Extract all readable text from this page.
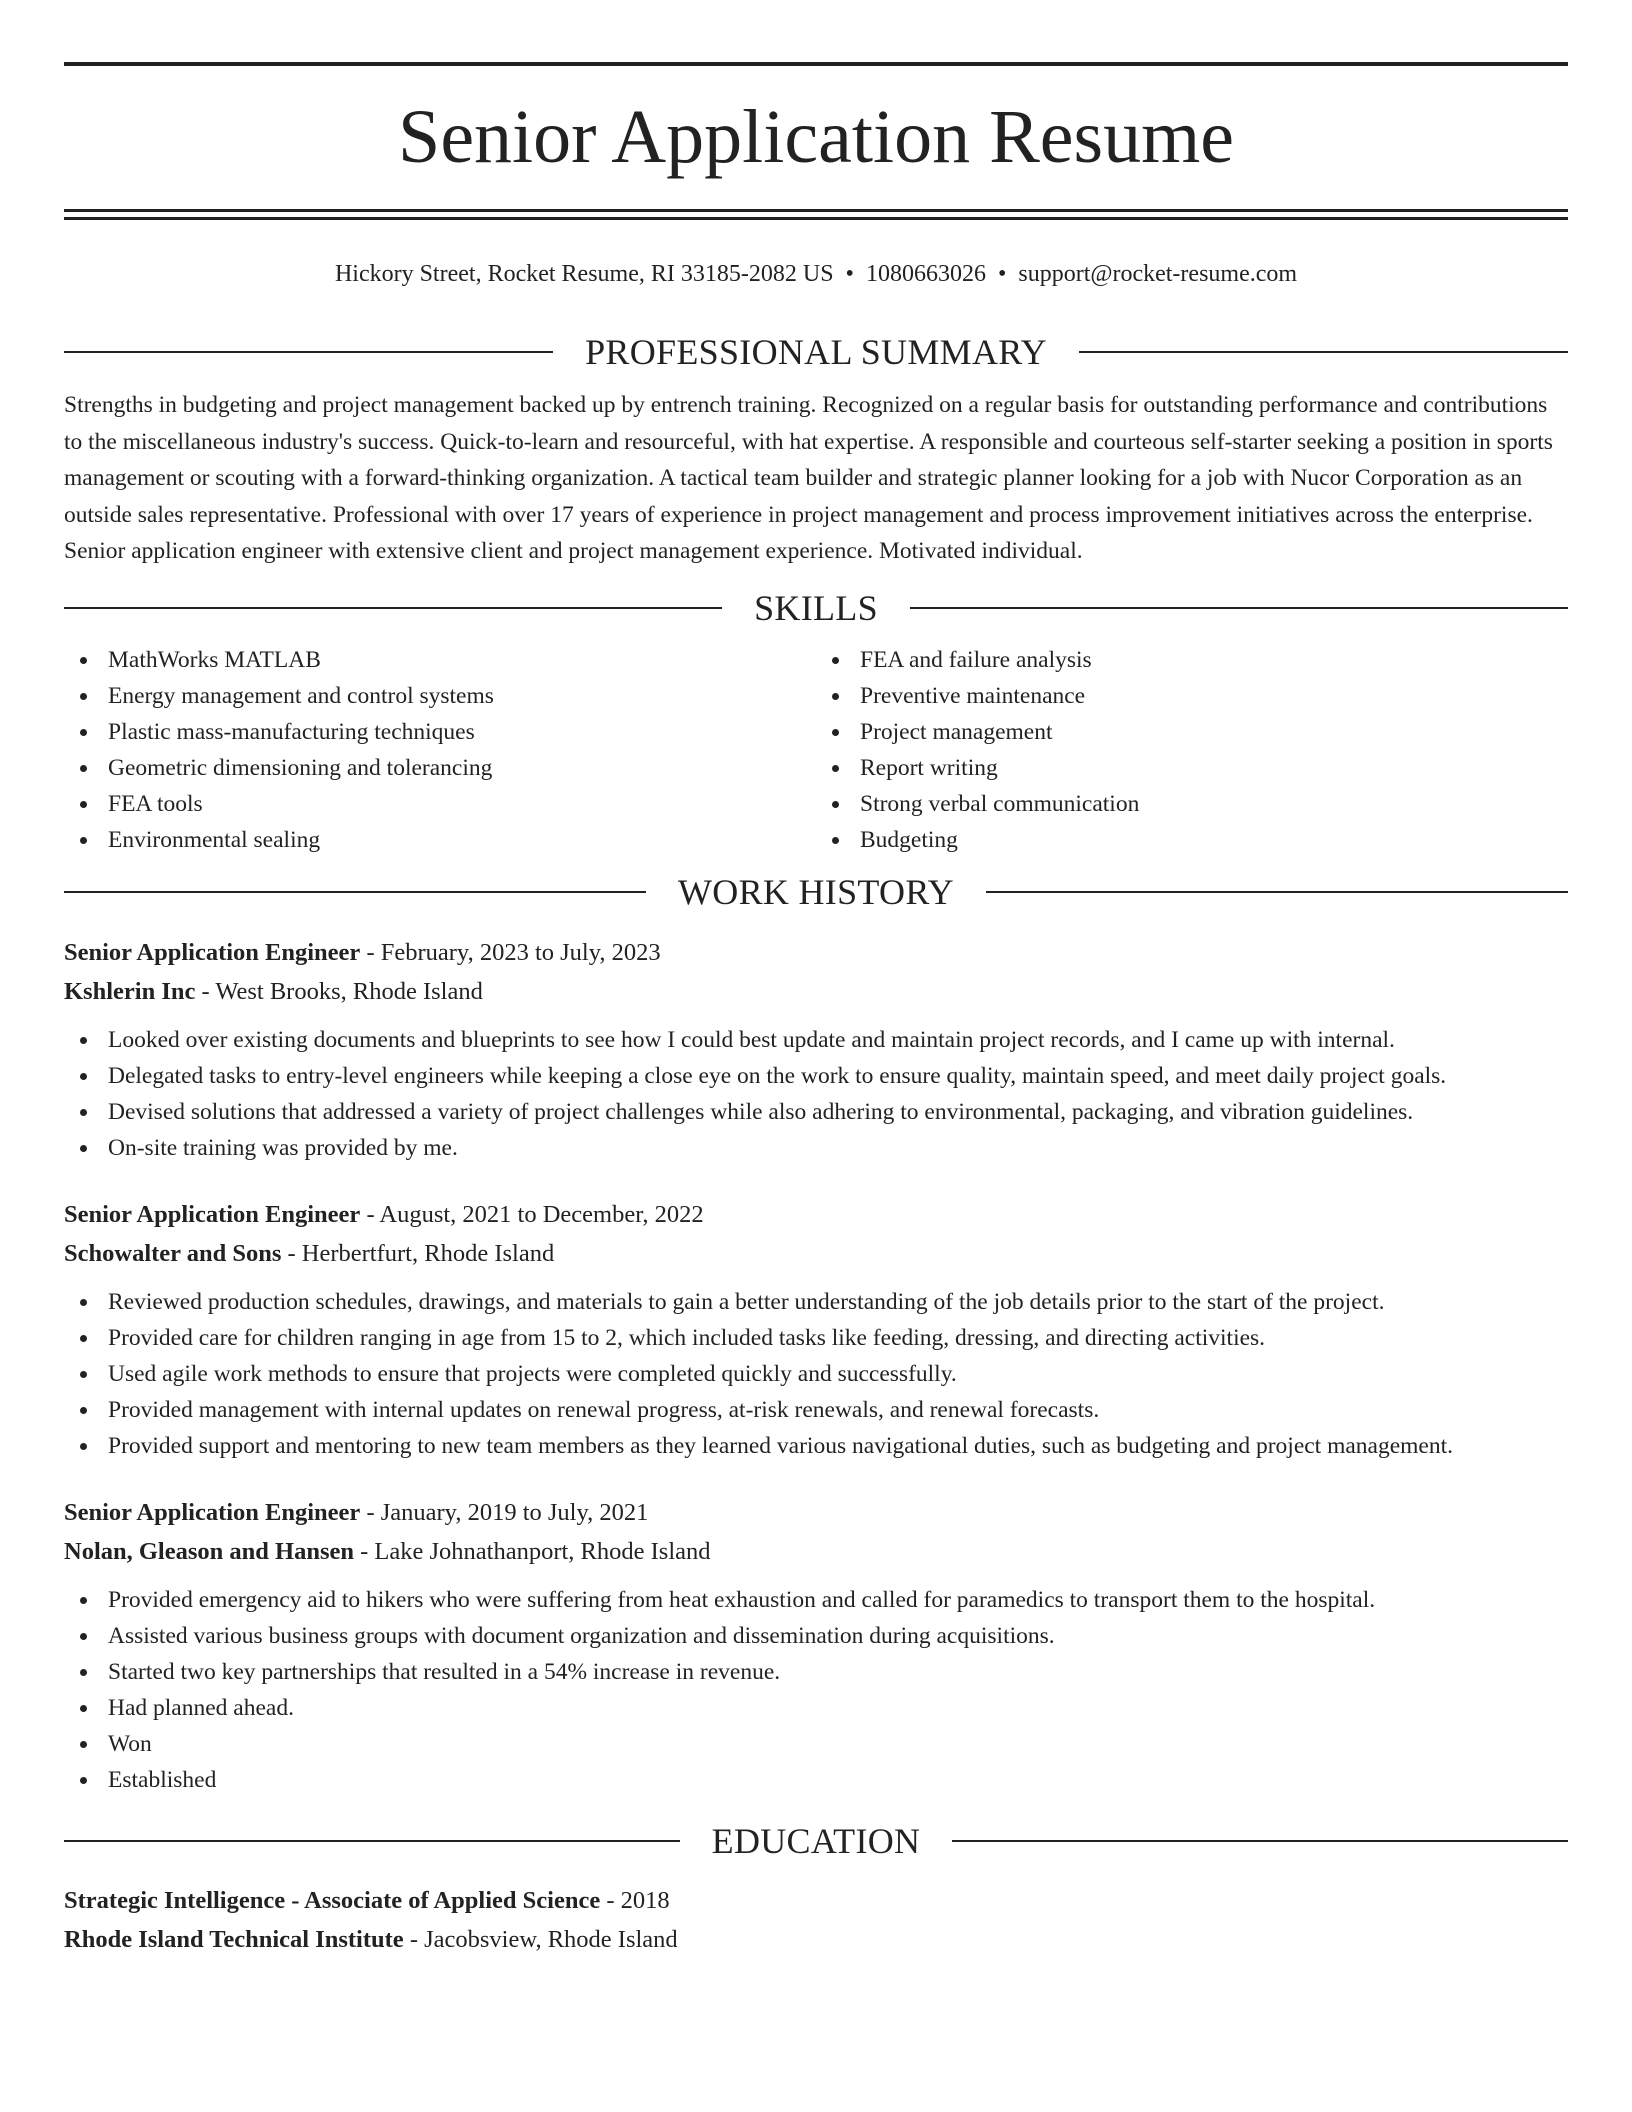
Senior Application Resume
Hickory Street, Rocket Resume, RI 33185-2082 US • 1080663026 • support@rocket-resume.com
PROFESSIONAL SUMMARY

Strengths in budgeting and project management backed up by entrench training. Recognized on a regular basis for outstanding performance and contributions to the miscellaneous industry's success. Quick-to-learn and resourceful, with hat expertise. A responsible and courteous self-starter seeking a position in sports management or scouting with a forward-thinking organization. A tactical team builder and strategic planner looking for a job with Nucor Corporation as an outside sales representative. Professional with over 17 years of experience in project management and process improvement initiatives across the enterprise. Senior application engineer with extensive client and project management experience. Motivated individual.

SKILLS
MathWorks MATLAB
Energy management and control systems
Plastic mass-manufacturing techniques
Geometric dimensioning and tolerancing
FEA tools
Environmental sealing
FEA and failure analysis
Preventive maintenance
Project management
Report writing
Strong verbal communication
Budgeting
WORK HISTORY
Senior Application Engineer - February, 2023 to July, 2023
Kshlerin Inc - West Brooks, Rhode Island
Looked over existing documents and blueprints to see how I could best update and maintain project records, and I came up with internal.
Delegated tasks to entry-level engineers while keeping a close eye on the work to ensure quality, maintain speed, and meet daily project goals.
Devised solutions that addressed a variety of project challenges while also adhering to environmental, packaging, and vibration guidelines.
On-site training was provided by me.
Senior Application Engineer - August, 2021 to December, 2022
Schowalter and Sons - Herbertfurt, Rhode Island
Reviewed production schedules, drawings, and materials to gain a better understanding of the job details prior to the start of the project.
Provided care for children ranging in age from 15 to 2, which included tasks like feeding, dressing, and directing activities.
Used agile work methods to ensure that projects were completed quickly and successfully.
Provided management with internal updates on renewal progress, at-risk renewals, and renewal forecasts.
Provided support and mentoring to new team members as they learned various navigational duties, such as budgeting and project management.
Senior Application Engineer - January, 2019 to July, 2021
Nolan, Gleason and Hansen - Lake Johnathanport, Rhode Island
Provided emergency aid to hikers who were suffering from heat exhaustion and called for paramedics to transport them to the hospital.
Assisted various business groups with document organization and dissemination during acquisitions.
Started two key partnerships that resulted in a 54% increase in revenue.
Had planned ahead.
Won
Established
EDUCATION
Strategic Intelligence - Associate of Applied Science - 2018
Rhode Island Technical Institute - Jacobsview, Rhode Island
